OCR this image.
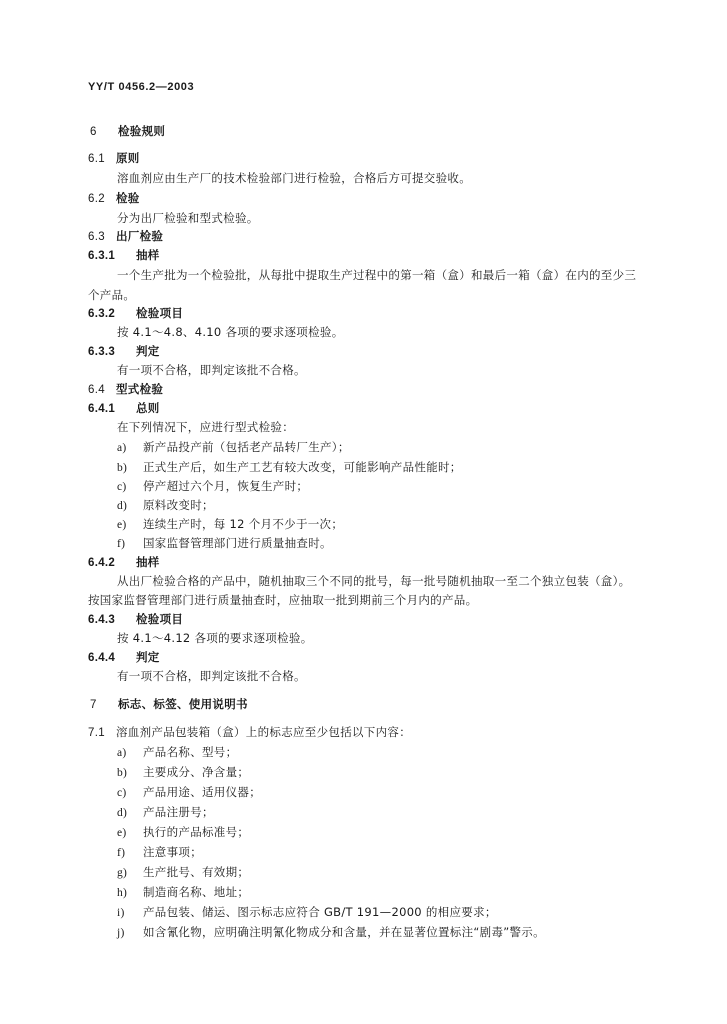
YY/T 0456.2—2003
6 检验规则
6.1 原则
溶血剂应由生产厂的技术检验部门进行检验，合格后方可提交验收。
6.2 检验
分为出厂检验和型式检验。
6.3 出厂检验
6.3.1 抽样
一个生产批为一个检验批，从每批中提取生产过程中的第一箱（盒）和最后一箱（盒）在内的至少三
个产品。
6.3.2 检验项目
按 4.1～4.8、4.10 各项的要求逐项检验。
6.3.3 判定
有一项不合格，即判定该批不合格。
6.4 型式检验
6.4.1 总则
在下列情况下，应进行型式检验：
a) 新产品投产前（包括老产品转厂生产）；
b) 正式生产后，如生产工艺有较大改变，可能影响产品性能时；
c) 停产超过六个月，恢复生产时；
d) 原料改变时；
e) 连续生产时，每 12 个月不少于一次；
f) 国家监督管理部门进行质量抽查时。
6.4.2 抽样
从出厂检验合格的产品中，随机抽取三个不同的批号，每一批号随机抽取一至二个独立包装（盒）。
按国家监督管理部门进行质量抽查时，应抽取一批到期前三个月内的产品。
6.4.3 检验项目
按 4.1～4.12 各项的要求逐项检验。
6.4.4 判定
有一项不合格，即判定该批不合格。
7 标志、标签、使用说明书
7.1 溶血剂产品包装箱（盒）上的标志应至少包括以下内容：
a) 产品名称、型号；
b) 主要成分、净含量；
c) 产品用途、适用仪器；
d) 产品注册号；
e) 执行的产品标准号；
f) 注意事项；
g) 生产批号、有效期；
h) 制造商名称、地址；
i) 产品包装、储运、图示标志应符合 GB/T 191—2000 的相应要求；
j) 如含氰化物，应明确注明氰化物成分和含量，并在显著位置标注“剧毒”警示。
